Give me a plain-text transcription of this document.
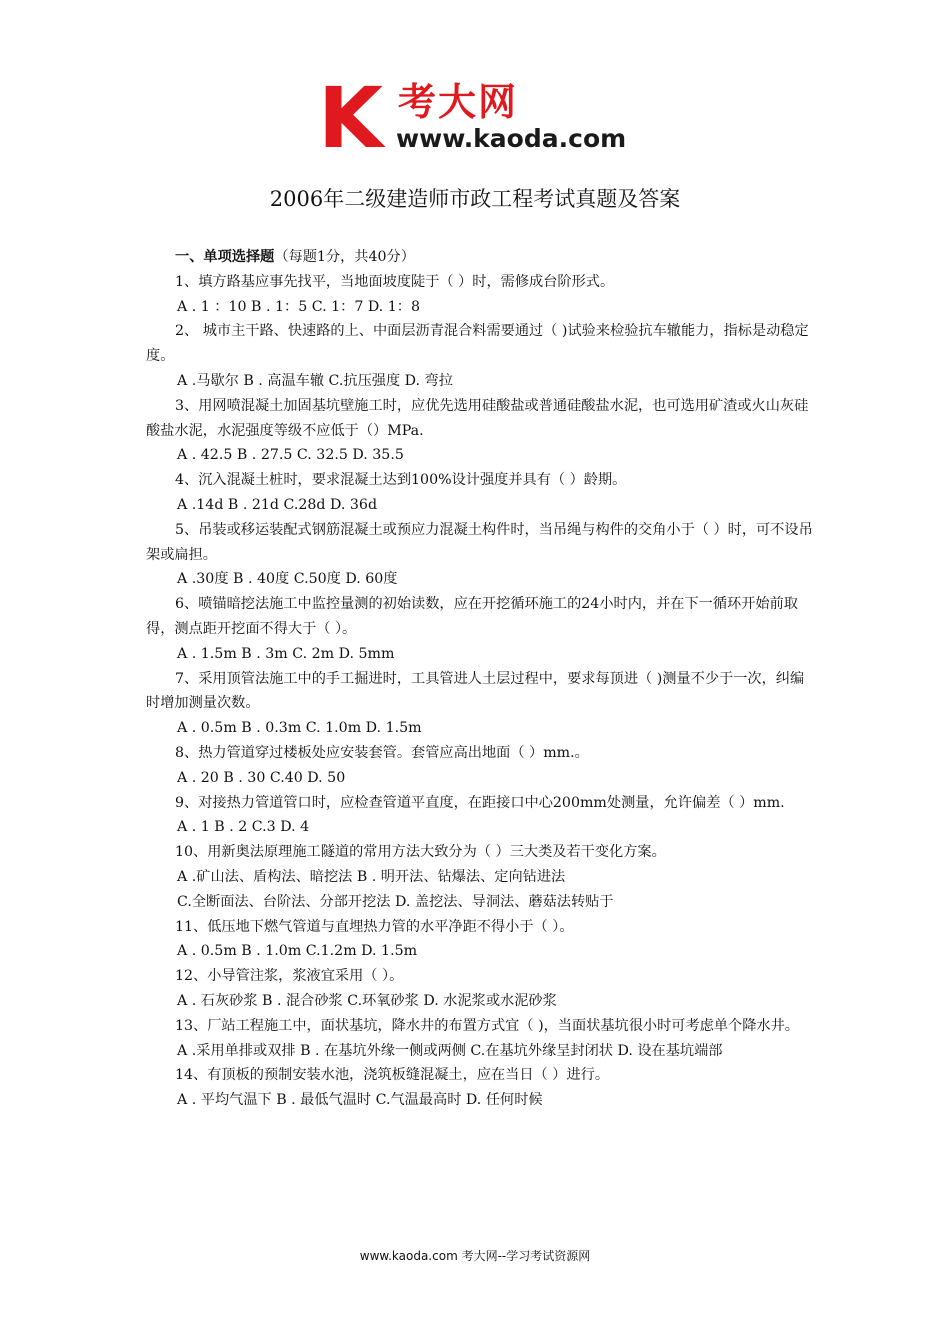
K 考大网
www.kaoda.com
2006年二级建造师市政工程考试真题及答案

一、单项选择题（每题1分，共40分）

1、填方路基应事先找平，当地面坡度陡于（ ）时，需修成台阶形式。

A . 1 ：10 B . 1：5 C. 1：7 D. 1：8

2、 城市主干路、快速路的上、中面层沥青混合料需要通过（ )试验来检验抗车辙能力，指标是动稳定度。

A .马歇尔 B . 高温车辙 C.抗压强度 D. 弯拉

3、用网喷混凝土加固基坑壁施工时，应优先选用硅酸盐或普通硅酸盐水泥，也可选用矿渣或火山灰硅酸盐水泥，水泥强度等级不应低于（）MPa.

A . 42.5 B . 27.5 C. 32.5 D. 35.5

4、沉入混凝土桩时，要求混凝土达到100%设计强度并具有（ ）龄期。

A .14d B . 21d C.28d D. 36d

5、吊装或移运装配式钢筋混凝土或预应力混凝土构件时，当吊绳与构件的交角小于（ ）时，可不设吊架或扁担。

A .30度 B . 40度 C.50度 D. 60度

6、喷锚暗挖法施工中监控量测的初始读数，应在开挖循环施工的24小时内，并在下一循环开始前取得，测点距开挖面不得大于（ ）。

A . 1.5m B . 3m C. 2m D. 5mm

7、采用顶管法施工中的手工掘进时，工具管进人土层过程中，要求每顶进（ )测量不少于一次，纠编时增加测量次数。

A . 0.5m B . 0.3m C. 1.0m D. 1.5m

8、热力管道穿过楼板处应安装套管。套管应高出地面（ ）mm.。

A . 20 B . 30 C.40 D. 50

9、对接热力管道管口时，应检查管道平直度，在距接口中心200mm处测量，允许偏差（ ）mm.

A . 1 B . 2 C.3 D. 4

10、用新奥法原理施工隧道的常用方法大致分为（ ）三大类及若干变化方案。

A .矿山法、盾构法、暗挖法 B . 明开法、钻爆法、定向钻进法

C.全断面法、台阶法、分部开挖法 D. 盖挖法、导洞法、蘑菇法转贴于

11、低压地下燃气管道与直埋热力管的水平净距不得小于（ ）。

A . 0.5m B . 1.0m C.1.2m D. 1.5m

12、小导管注浆，浆液宜采用（ ）。

A . 石灰砂浆 B . 混合砂浆 C.环氧砂浆 D. 水泥浆或水泥砂浆

13、厂站工程施工中，面状基坑，降水井的布置方式宜（ )，当面状基坑很小时可考虑单个降水井。

A .采用单排或双排 B . 在基坑外缘一侧或两侧 C.在基坑外缘呈封闭状 D. 设在基坑端部

14、有顶板的预制安装水池，浇筑板缝混凝土，应在当日（ ）进行。

A . 平均气温下 B . 最低气温时 C.气温最高时 D. 任何时候

www.kaoda.com 考大网--学习考试资源网
